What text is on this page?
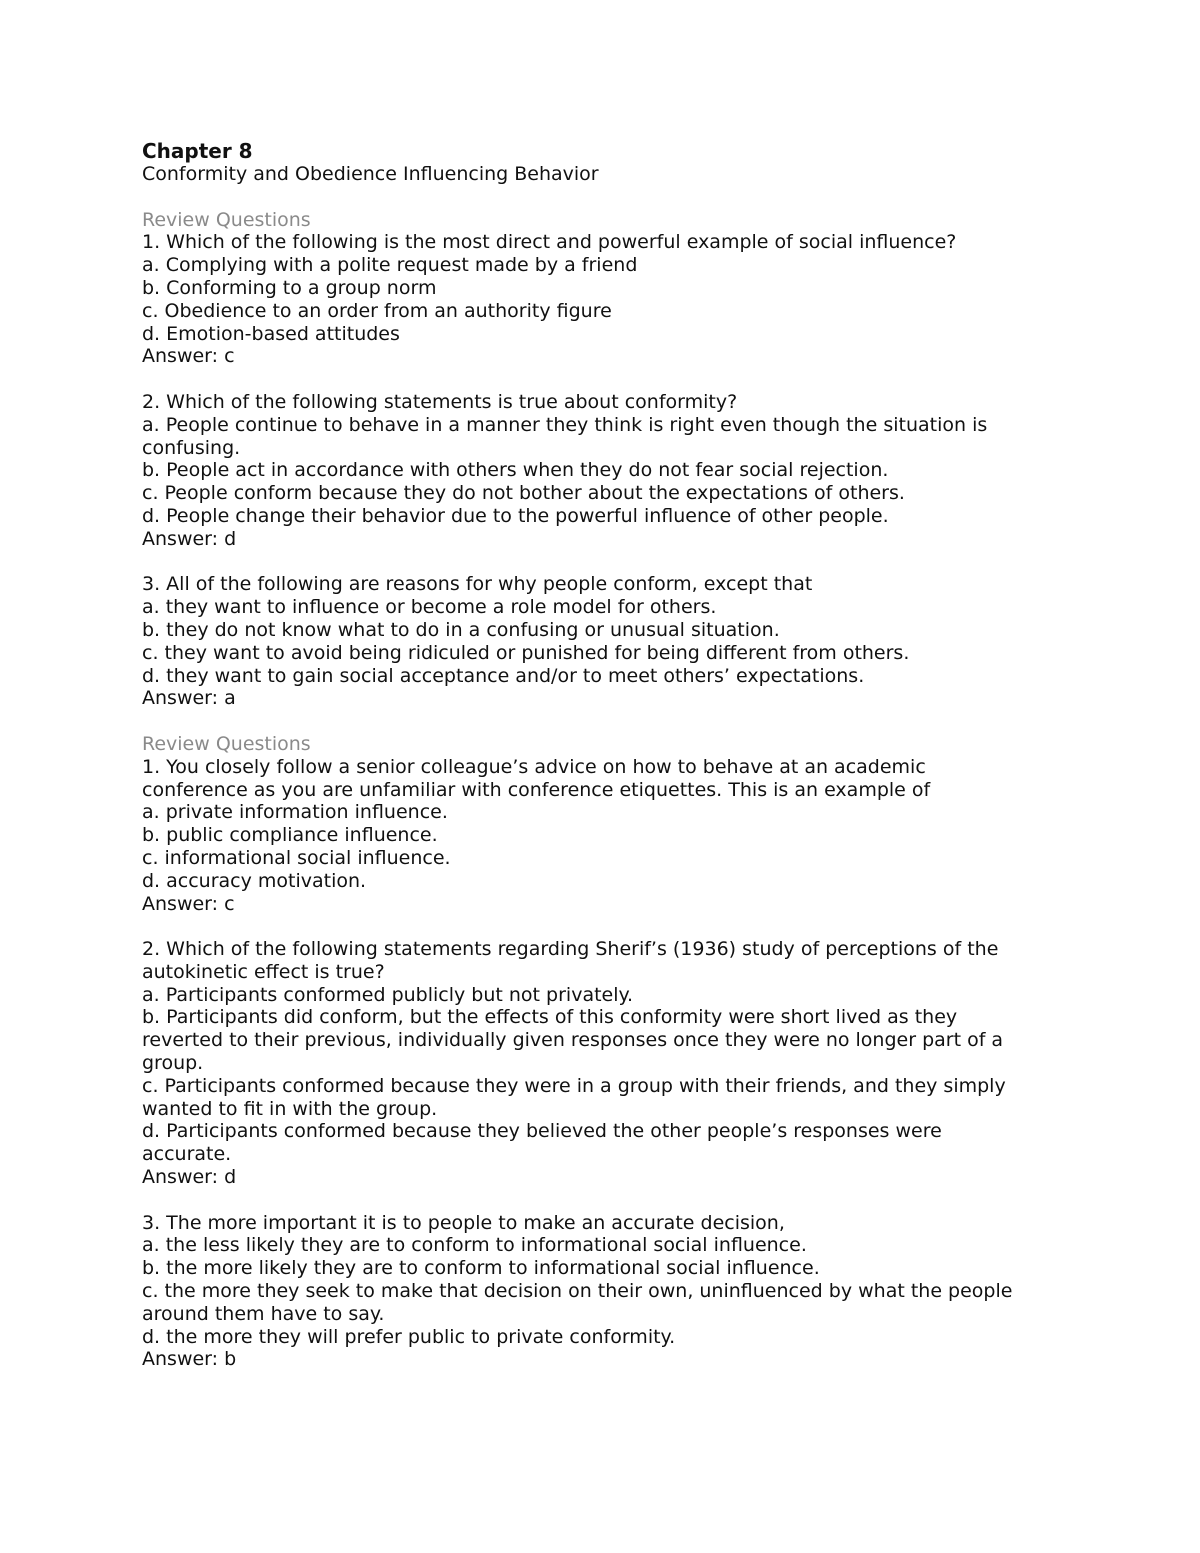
Chapter 8
Conformity and Obedience Influencing Behavior
Review Questions
1. Which of the following is the most direct and powerful example of social influence?
a. Complying with a polite request made by a friend
b. Conforming to a group norm
c. Obedience to an order from an authority figure
d. Emotion-based attitudes
Answer: c
2. Which of the following statements is true about conformity?
a. People continue to behave in a manner they think is right even though the situation is
confusing.
b. People act in accordance with others when they do not fear social rejection.
c. People conform because they do not bother about the expectations of others.
d. People change their behavior due to the powerful influence of other people.
Answer: d
3. All of the following are reasons for why people conform, except that
a. they want to influence or become a role model for others.
b. they do not know what to do in a confusing or unusual situation.
c. they want to avoid being ridiculed or punished for being different from others.
d. they want to gain social acceptance and/or to meet others’ expectations.
Answer: a
Review Questions
1. You closely follow a senior colleague’s advice on how to behave at an academic
conference as you are unfamiliar with conference etiquettes. This is an example of
a. private information influence.
b. public compliance influence.
c. informational social influence.
d. accuracy motivation.
Answer: c
2. Which of the following statements regarding Sherif’s (1936) study of perceptions of the
autokinetic effect is true?
a. Participants conformed publicly but not privately.
b. Participants did conform, but the effects of this conformity were short lived as they
reverted to their previous, individually given responses once they were no longer part of a
group.
c. Participants conformed because they were in a group with their friends, and they simply
wanted to fit in with the group.
d. Participants conformed because they believed the other people’s responses were
accurate.
Answer: d
3. The more important it is to people to make an accurate decision,
a. the less likely they are to conform to informational social influence.
b. the more likely they are to conform to informational social influence.
c. the more they seek to make that decision on their own, uninfluenced by what the people
around them have to say.
d. the more they will prefer public to private conformity.
Answer: b
